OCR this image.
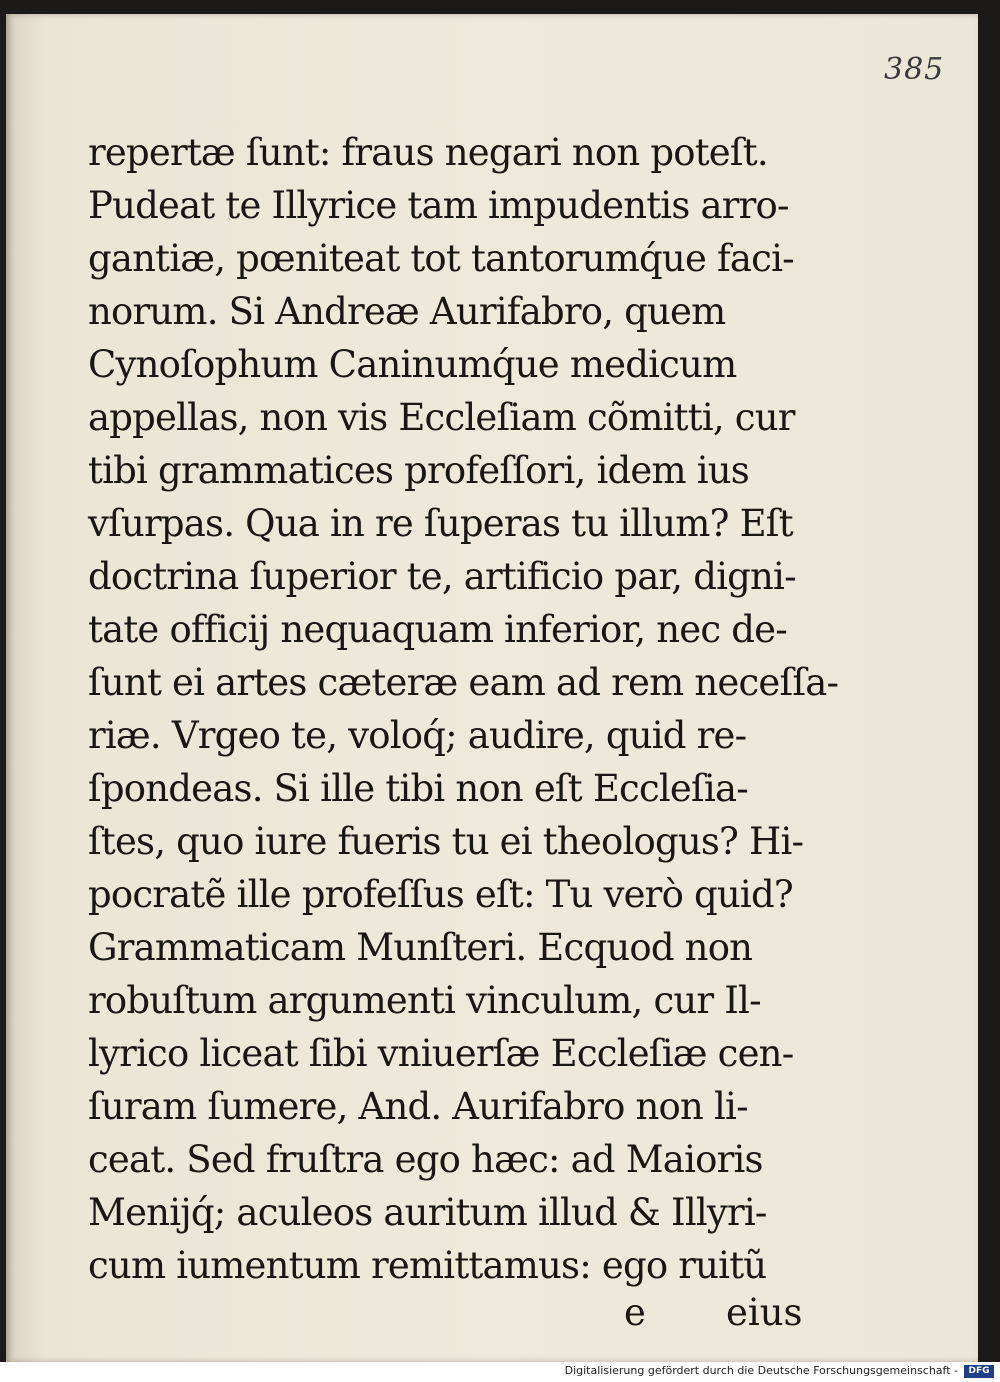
385
repertæ ſunt: fraus negari non poteſt.
Pudeat te Illyrice tam impudentis arro-
gantiæ, pœniteat tot tantorumq́ue faci-
norum. Si Andreæ Aurifabro, quem
Cynoſophum Caninumq́ue medicum
appellas, non vis Eccleſiam cõmitti, cur
tibi grammatices profeſſori, idem ius
vſurpas. Qua in re ſuperas tu illum? Eſt
doctrina ſuperior te, artificio par, digni-
tate officij nequaquam inferior, nec de-
ſunt ei artes cæteræ eam ad rem neceſſa-
riæ. Vrgeo te, voloq́; audire, quid re-
ſpondeas. Si ille tibi non eſt Eccleſia-
ſtes, quo iure fueris tu ei theologus? Hi-
pocratẽ ille profeſſus eſt: Tu verò quid?
Grammaticam Munſteri. Ecquod non
robuſtum argumenti vinculum, cur Il-
lyrico liceat ſibi vniuerſæ Eccleſiæ cen-
ſuram ſumere, And. Aurifabro non li-
ceat. Sed fruſtra ego hæc: ad Maioris
Menijq́; aculeos auritum illud & Illyri-
cum iumentum remittamus: ego ruitũ
e eius
Digitalisierung gefördert durch die Deutsche Forschungsgemeinschaft -	DFG
